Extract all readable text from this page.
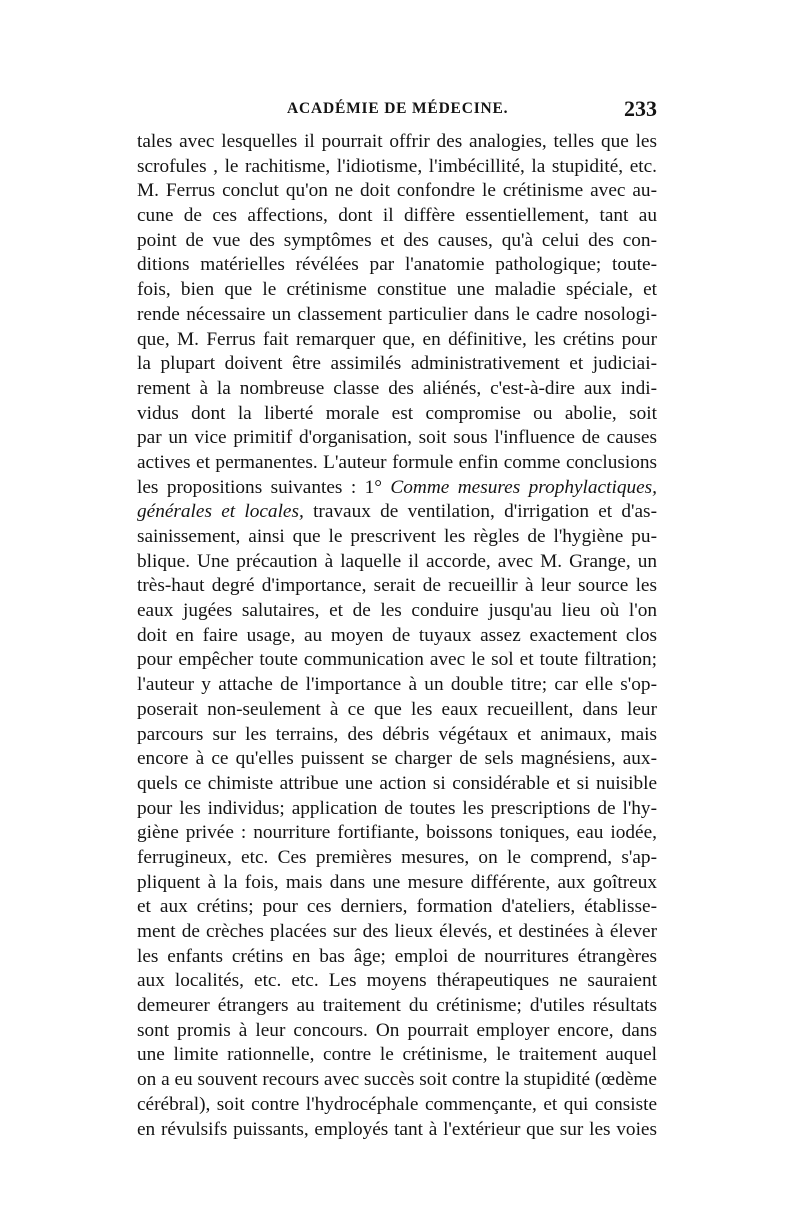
ACADÉMIE DE MÉDECINE.	233
tales avec lesquelles il pourrait offrir des analogies, telles que les
scrofules , le rachitisme, l'idiotisme, l'imbécillité, la stupidité, etc.
M. Ferrus conclut qu'on ne doit confondre le crétinisme avec au-
cune de ces affections, dont il diffère essentiellement, tant au
point de vue des symptômes et des causes, qu'à celui des con-
ditions matérielles révélées par l'anatomie pathologique; toute-
fois, bien que le crétinisme constitue une maladie spéciale, et
rende nécessaire un classement particulier dans le cadre nosologi-
que, M. Ferrus fait remarquer que, en définitive, les crétins pour
la plupart doivent être assimilés administrativement et judiciai-
rement à la nombreuse classe des aliénés, c'est-à-dire aux indi-
vidus dont la liberté morale est compromise ou abolie, soit
par un vice primitif d'organisation, soit sous l'influence de causes
actives et permanentes. L'auteur formule enfin comme conclusions
les propositions suivantes : 1° Comme mesures prophylactiques,
générales et locales, travaux de ventilation, d'irrigation et d'as-
sainissement, ainsi que le prescrivent les règles de l'hygiène pu-
blique. Une précaution à laquelle il accorde, avec M. Grange, un
très-haut degré d'importance, serait de recueillir à leur source les
eaux jugées salutaires, et de les conduire jusqu'au lieu où l'on
doit en faire usage, au moyen de tuyaux assez exactement clos
pour empêcher toute communication avec le sol et toute filtration;
l'auteur y attache de l'importance à un double titre; car elle s'op-
poserait non-seulement à ce que les eaux recueillent, dans leur
parcours sur les terrains, des débris végétaux et animaux, mais
encore à ce qu'elles puissent se charger de sels magnésiens, aux-
quels ce chimiste attribue une action si considérable et si nuisible
pour les individus; application de toutes les prescriptions de l'hy-
giène privée : nourriture fortifiante, boissons toniques, eau iodée,
ferrugineux, etc. Ces premières mesures, on le comprend, s'ap-
pliquent à la fois, mais dans une mesure différente, aux goîtreux
et aux crétins; pour ces derniers, formation d'ateliers, établisse-
ment de crèches placées sur des lieux élevés, et destinées à élever
les enfants crétins en bas âge; emploi de nourritures étrangères
aux localités, etc. etc. Les moyens thérapeutiques ne sauraient
demeurer étrangers au traitement du crétinisme; d'utiles résultats
sont promis à leur concours. On pourrait employer encore, dans
une limite rationnelle, contre le crétinisme, le traitement auquel
on a eu souvent recours avec succès soit contre la stupidité (œdème
cérébral), soit contre l'hydrocéphale commençante, et qui consiste
en révulsifs puissants, employés tant à l'extérieur que sur les voies
